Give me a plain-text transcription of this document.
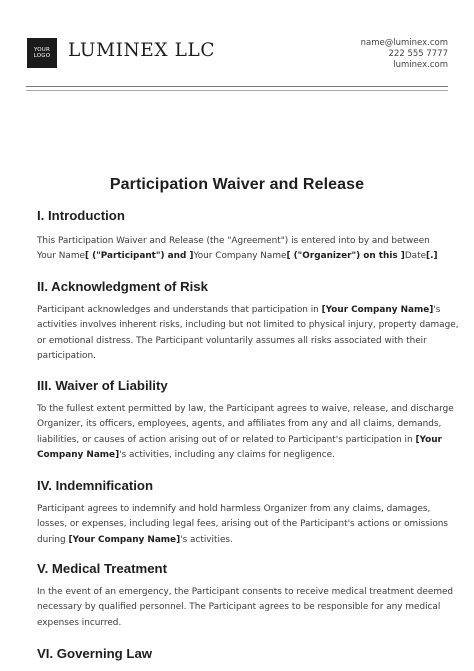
YOUR
LOGO LUMINEX LLC	name@luminex.com
222 555 7777
luminex.com
Participation Waiver and Release
I. Introduction
This Participation Waiver and Release (the "Agreement") is entered into by and between
Your Name[ ("Participant") and ]Your Company Name[ ("Organizer") on this ]Date[.]
II. Acknowledgment of Risk
Participant acknowledges and understands that participation in [Your Company Name]'s
activities involves inherent risks, including but not limited to physical injury, property damage,
or emotional distress. The Participant voluntarily assumes all risks associated with their
participation.
III. Waiver of Liability
To the fullest extent permitted by law, the Participant agrees to waive, release, and discharge
Organizer, its officers, employees, agents, and affiliates from any and all claims, demands,
liabilities, or causes of action arising out of or related to Participant's participation in [Your
Company Name]'s activities, including any claims for negligence.
IV. Indemnification
Participant agrees to indemnify and hold harmless Organizer from any claims, damages,
losses, or expenses, including legal fees, arising out of the Participant's actions or omissions
during [Your Company Name]'s activities.
V. Medical Treatment
In the event of an emergency, the Participant consents to receive medical treatment deemed
necessary by qualified personnel. The Participant agrees to be responsible for any medical
expenses incurred.
VI. Governing Law
